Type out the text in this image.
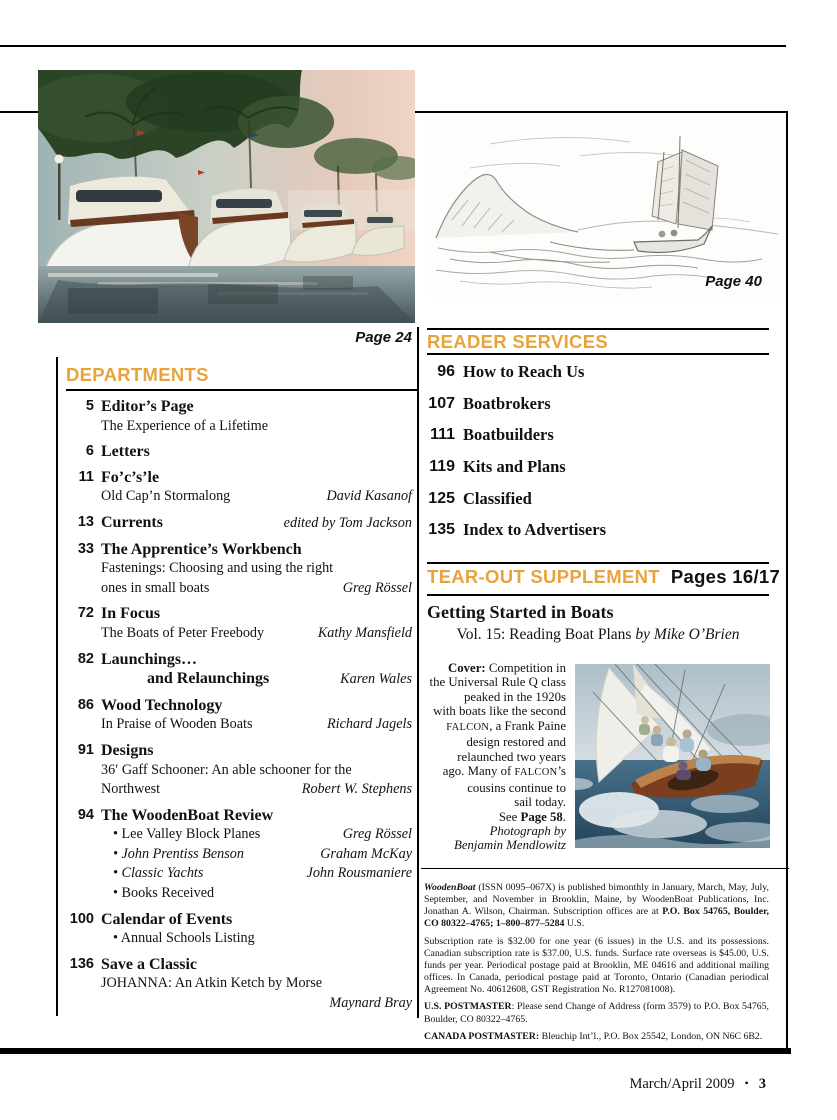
Page 24
Page 40
DEPARTMENTS
5 Editor’s Page
The Experience of a Lifetime
6 Letters
11 Fo’c’s’le
Old Cap’n Stormalong	David Kasanof
13 Currents	edited by Tom Jackson
33 The Apprentice’s Workbench
Fastenings: Choosing and using the right
ones in small boats	Greg Rössel
72 In Focus
The Boats of Peter Freebody	Kathy Mansfield
82 Launchings…
and Relaunchings	Karen Wales
86 Wood Technology
In Praise of Wooden Boats	Richard Jagels
91 Designs
36′ Gaff Schooner: An able schooner for the
Northwest	Robert W. Stephens
94 The WoodenBoat Review
• Lee Valley Block Planes	Greg Rössel
• John Prentiss Benson	Graham McKay
• Classic Yachts	John Rousmaniere
• Books Received
100 Calendar of Events
• Annual Schools Listing
136 Save a Classic
JOHANNA: An Atkin Ketch by Morse
Maynard Bray
READER SERVICES
96 How to Reach Us
107 Boatbrokers
111 Boatbuilders
119 Kits and Plans
125 Classified
135 Index to Advertisers
TEAR-OUT SUPPLEMENT Pages 16/17
Getting Started in Boats
Vol. 15: Reading Boat Plans by Mike O’Brien
Cover: Competition in
the Universal Rule Q class
peaked in the 1920s
with boats like the second
FALCON, a Frank Paine
design restored and
relaunched two years
ago. Many of FALCON’s
cousins continue to
sail today.
See Page 58.
Photograph by
Benjamin Mendlowitz

WoodenBoat (ISSN 0095–067X) is published bimonthly in January, March, May, July, September, and November in Brooklin, Maine, by WoodenBoat Publications, Inc. Jonathan A. Wilson, Chairman. Subscription offices are at P.O. Box 54765, Boulder, CO 80322–4765; 1–800–877–5284 U.S.

Subscription rate is $32.00 for one year (6 issues) in the U.S. and its possessions. Canadian subscription rate is $37.00, U.S. funds. Surface rate overseas is $45.00, U.S. funds per year. Periodical postage paid at Brooklin, ME 04616 and additional mailing offices. In Canada, periodical postage paid at Toronto, Ontario (Canadian periodical Agreement No. 40612608, GST Registration No. R127081008).

U.S. POSTMASTER: Please send Change of Address (form 3579) to P.O. Box 54765, Boulder, CO 80322–4765.

CANADA POSTMASTER: Bleuchip Int’l., P.O. Box 25542, London, ON N6C 6B2.

March/April 2009 • 3
